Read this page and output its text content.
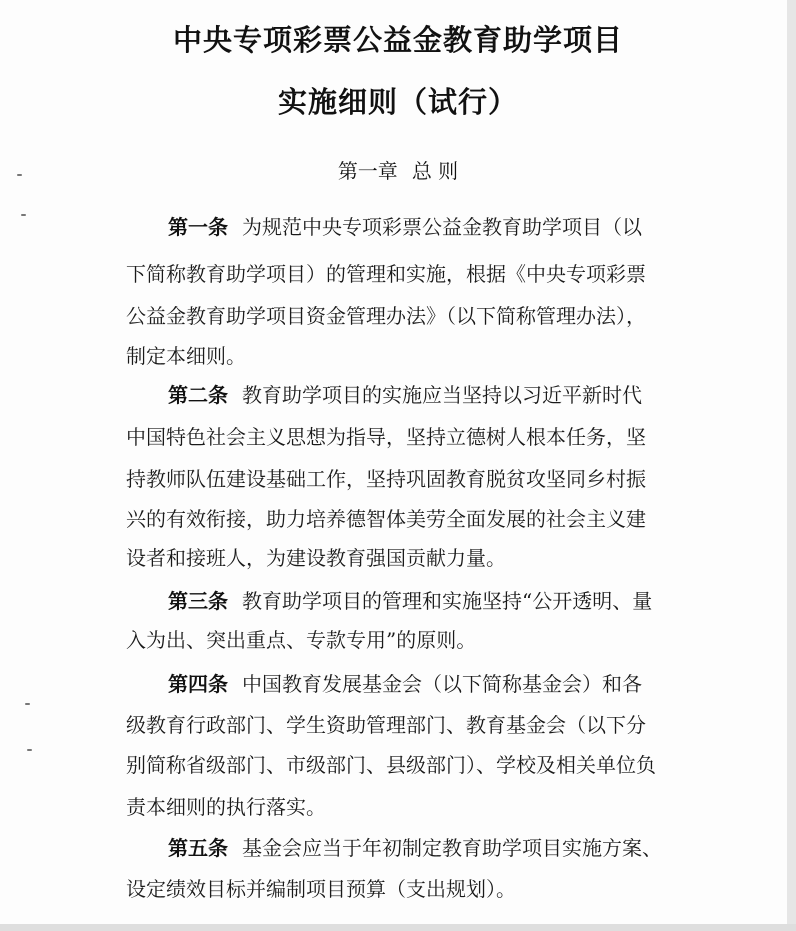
中央专项彩票公益金教育助学项目
实施细则（试行）
第一章 总 则
第一条 为规范中央专项彩票公益金教育助学项目（以
下简称教育助学项目）的管理和实施，根据《中央专项彩票
公益金教育助学项目资金管理办法》（以下简称管理办法），
制定本细则。
第二条 教育助学项目的实施应当坚持以习近平新时代
中国特色社会主义思想为指导，坚持立德树人根本任务，坚
持教师队伍建设基础工作，坚持巩固教育脱贫攻坚同乡村振
兴的有效衔接，助力培养德智体美劳全面发展的社会主义建
设者和接班人，为建设教育强国贡献力量。
第三条 教育助学项目的管理和实施坚持“公开透明、量
入为出、突出重点、专款专用”的原则。
第四条 中国教育发展基金会（以下简称基金会）和各
级教育行政部门、学生资助管理部门、教育基金会（以下分
别简称省级部门、市级部门、县级部门）、学校及相关单位负
责本细则的执行落实。
第五条 基金会应当于年初制定教育助学项目实施方案、
设定绩效目标并编制项目预算（支出规划）。
